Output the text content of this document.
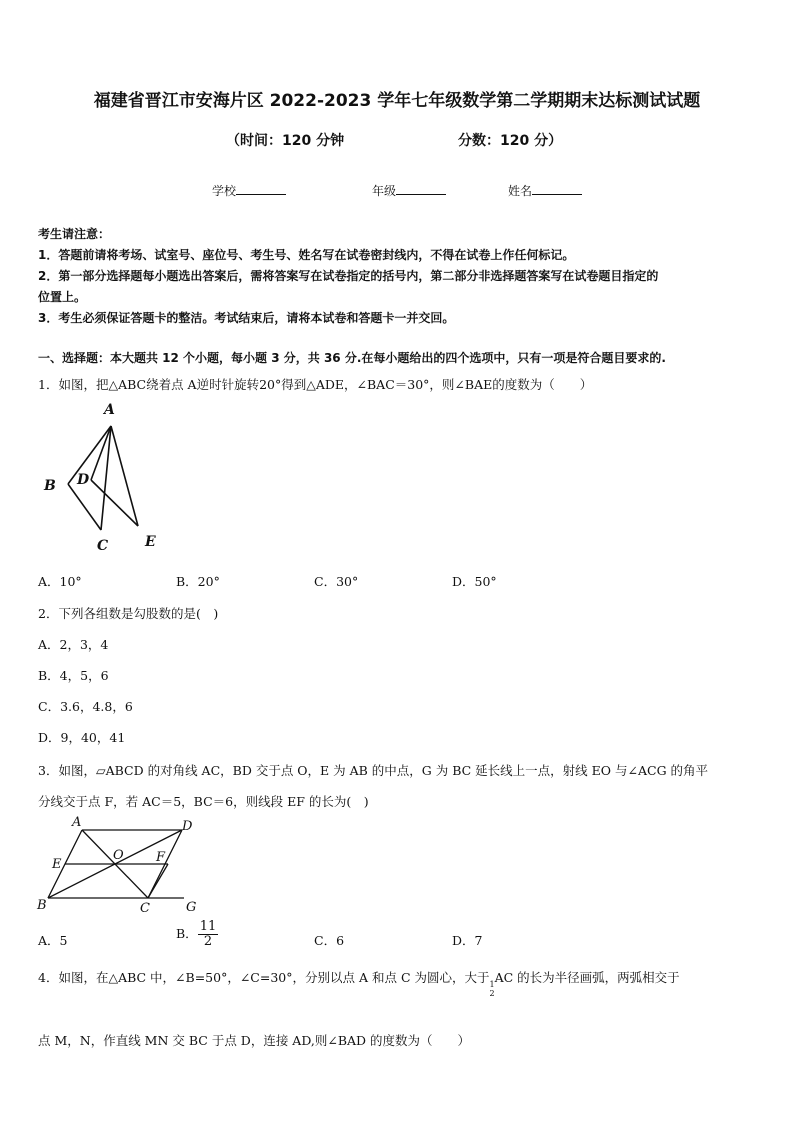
福建省晋江市安海片区 2022-2023 学年七年级数学第二学期期末达标测试试题
（时间：120 分钟	分数：120 分）
学校	年级	姓名
考生请注意：
1．答题前请将考场、试室号、座位号、考生号、姓名写在试卷密封线内，不得在试卷上作任何标记。
2．第一部分选择题每小题选出答案后，需将答案写在试卷指定的括号内，第二部分非选择题答案写在试卷题目指定的
位置上。
3．考生必须保证答题卡的整洁。考试结束后，请将本试卷和答题卡一并交回。
一、选择题：本大题共 12 个小题，每小题 3 分，共 36 分.在每小题给出的四个选项中，只有一项是符合题目要求的.
1．如图，把△ABC绕着点 A逆时针旋转20°得到△ADE，∠BAC＝30°，则∠BAE的度数为（　　）
A
B D
C	E
A．10°	B．20°	C．30°	D．50°
2．下列各组数是勾股数的是(　)
A．2，3，4
B．4，5，6
C．3.6，4.8，6
D．9，40，41
3．如图，▱ABCD 的对角线 AC，BD 交于点 O，E 为 AB 的中点，G 为 BC 延长线上一点，射线 EO 与∠ACG 的角平
分线交于点 F，若 AC＝5，BC＝6，则线段 EF 的长为(　)
A	D
E
O F
B	C	G
A．5	B． $\frac{11}{2}$	C．6	D．7
4．如图，在△ABC 中，∠B=50°，∠C=30°，分别以点 A 和点 C 为圆心，大于 1
2
AC 的长为半径画弧，两弧相交于
点 M，N，作直线 MN 交 BC 于点 D，连接 AD,则∠BAD 的度数为（　　）
